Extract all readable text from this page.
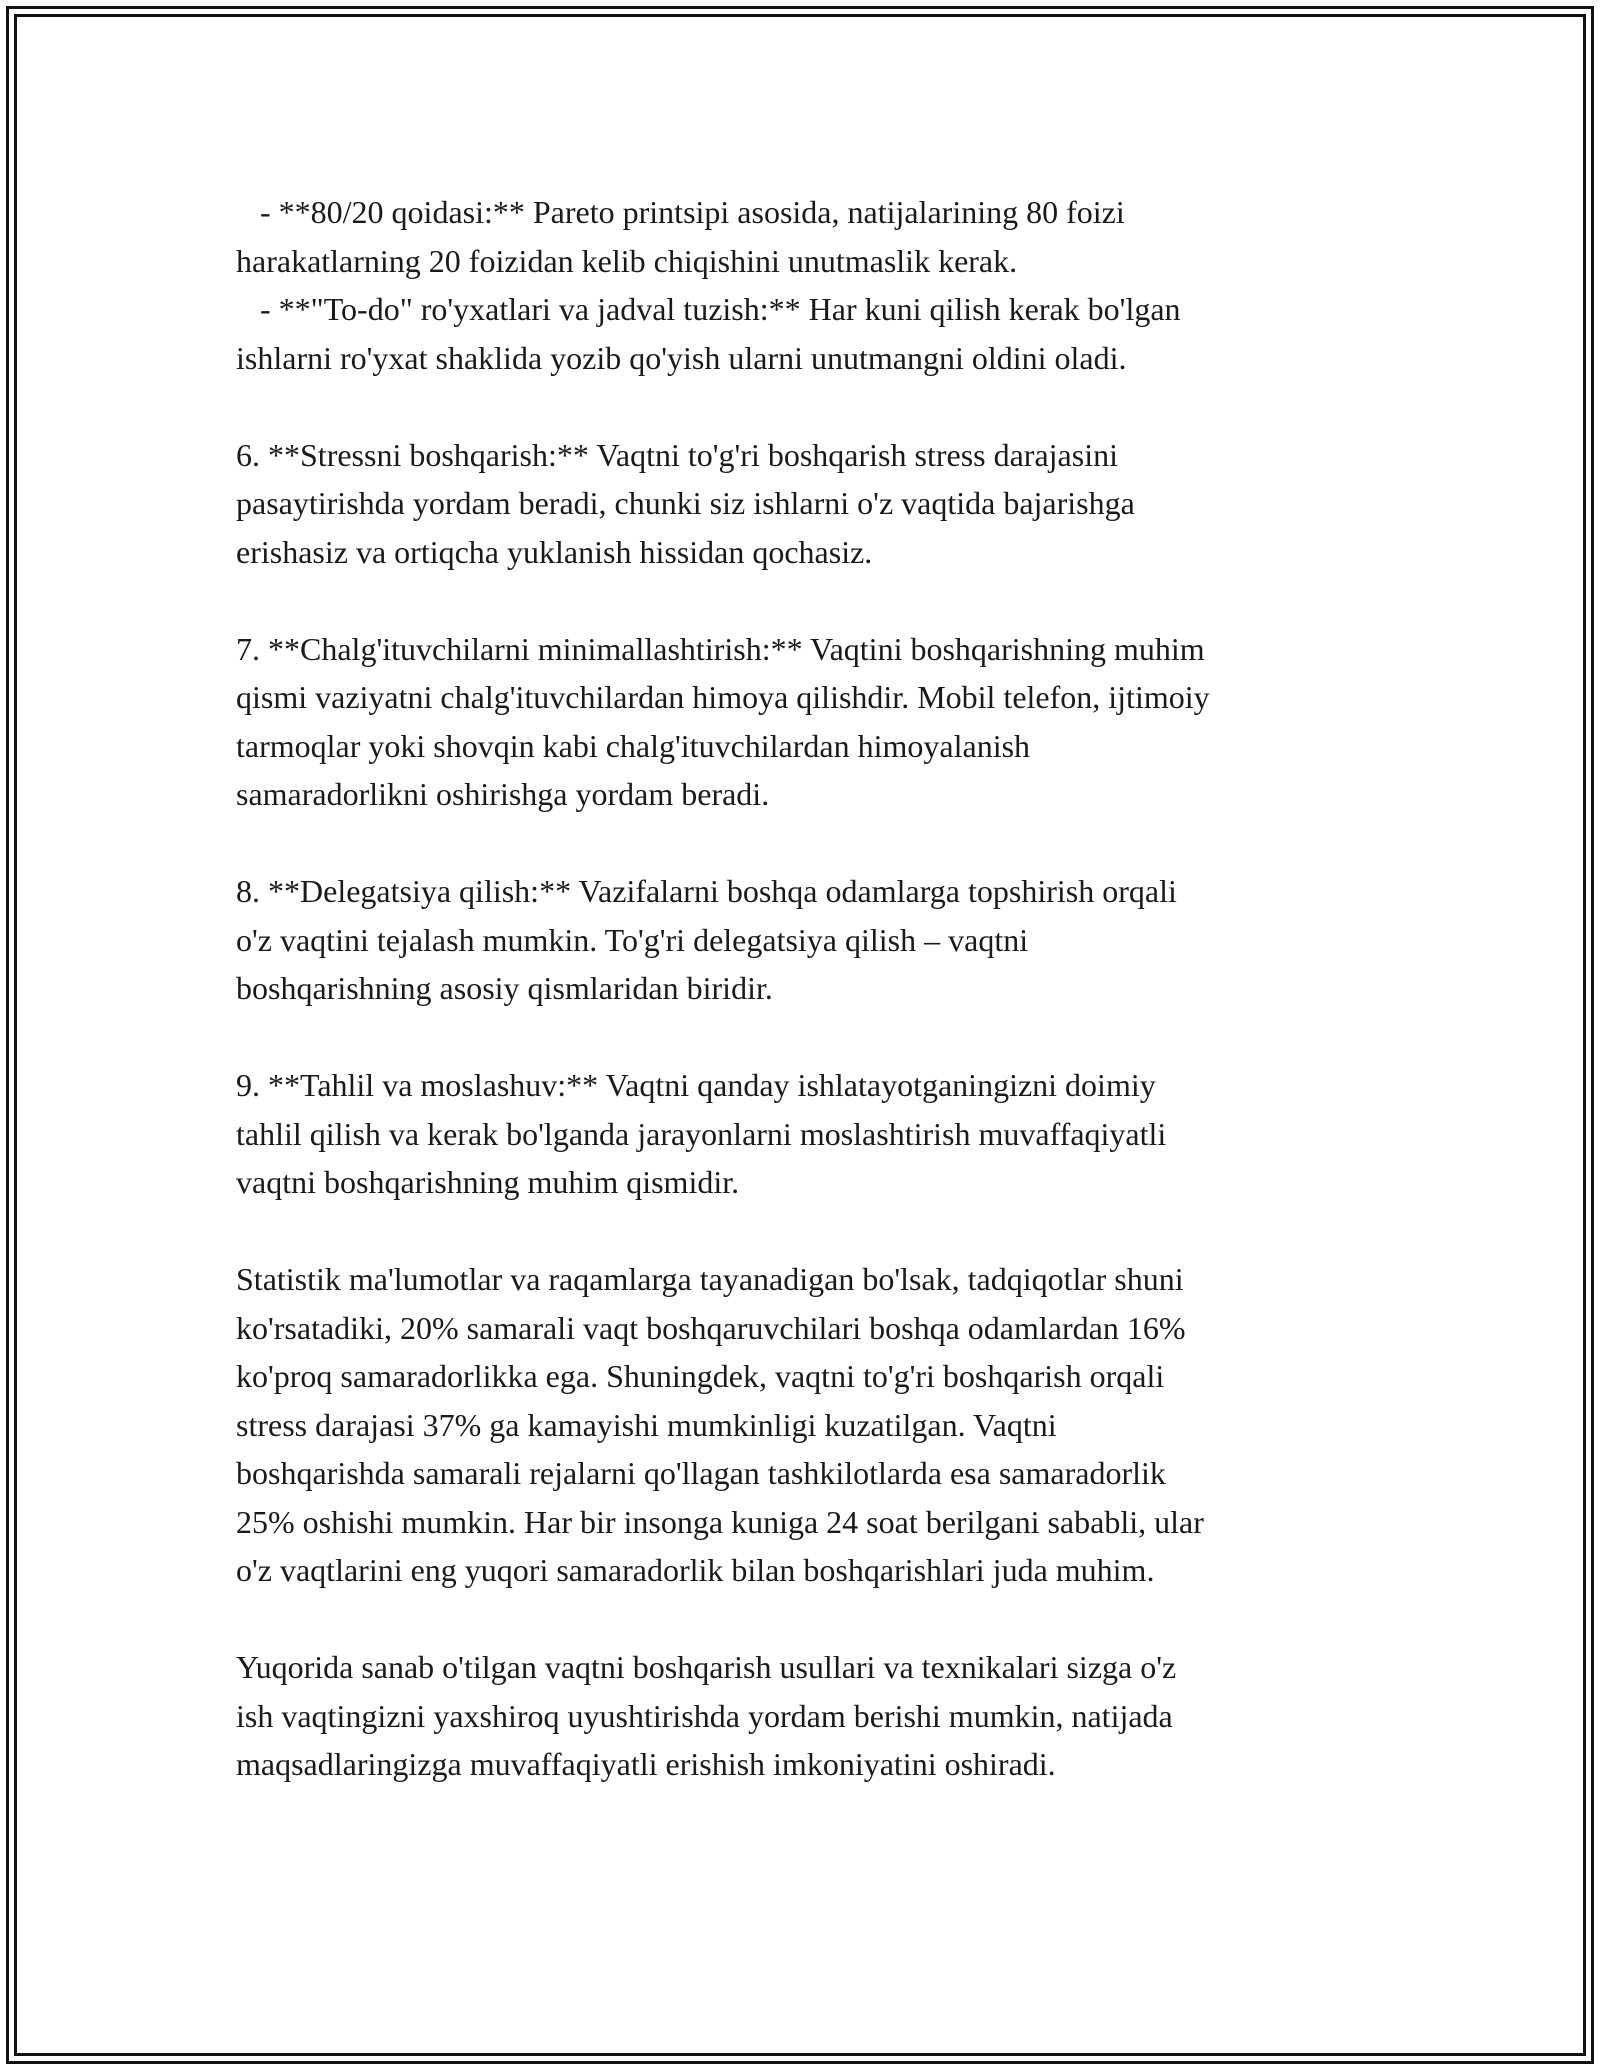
- **80/20 qoidasi:** Pareto printsipi asosida, natijalarining 80 foizi

harakatlarning 20 foizidan kelib chiqishini unutmaslik kerak.

- **"To-do" ro'yxatlari va jadval tuzish:** Har kuni qilish kerak bo'lgan

ishlarni ro'yxat shaklida yozib qo'yish ularni unutmangni oldini oladi.

6. **Stressni boshqarish:** Vaqtni to'g'ri boshqarish stress darajasini

pasaytirishda yordam beradi, chunki siz ishlarni o'z vaqtida bajarishga

erishasiz va ortiqcha yuklanish hissidan qochasiz.

7. **Chalg'ituvchilarni minimallashtirish:** Vaqtini boshqarishning muhim

qismi vaziyatni chalg'ituvchilardan himoya qilishdir. Mobil telefon, ijtimoiy

tarmoqlar yoki shovqin kabi chalg'ituvchilardan himoyalanish

samaradorlikni oshirishga yordam beradi.

8. **Delegatsiya qilish:** Vazifalarni boshqa odamlarga topshirish orqali

o'z vaqtini tejalash mumkin. To'g'ri delegatsiya qilish – vaqtni

boshqarishning asosiy qismlaridan biridir.

9. **Tahlil va moslashuv:** Vaqtni qanday ishlatayotganingizni doimiy

tahlil qilish va kerak bo'lganda jarayonlarni moslashtirish muvaffaqiyatli

vaqtni boshqarishning muhim qismidir.

Statistik ma'lumotlar va raqamlarga tayanadigan bo'lsak, tadqiqotlar shuni

ko'rsatadiki, 20% samarali vaqt boshqaruvchilari boshqa odamlardan 16%

ko'proq samaradorlikka ega. Shuningdek, vaqtni to'g'ri boshqarish orqali

stress darajasi 37% ga kamayishi mumkinligi kuzatilgan. Vaqtni

boshqarishda samarali rejalarni qo'llagan tashkilotlarda esa samaradorlik

25% oshishi mumkin. Har bir insonga kuniga 24 soat berilgani sababli, ular

o'z vaqtlarini eng yuqori samaradorlik bilan boshqarishlari juda muhim.

Yuqorida sanab o'tilgan vaqtni boshqarish usullari va texnikalari sizga o'z

ish vaqtingizni yaxshiroq uyushtirishda yordam berishi mumkin, natijada

maqsadlaringizga muvaffaqiyatli erishish imkoniyatini oshiradi.
